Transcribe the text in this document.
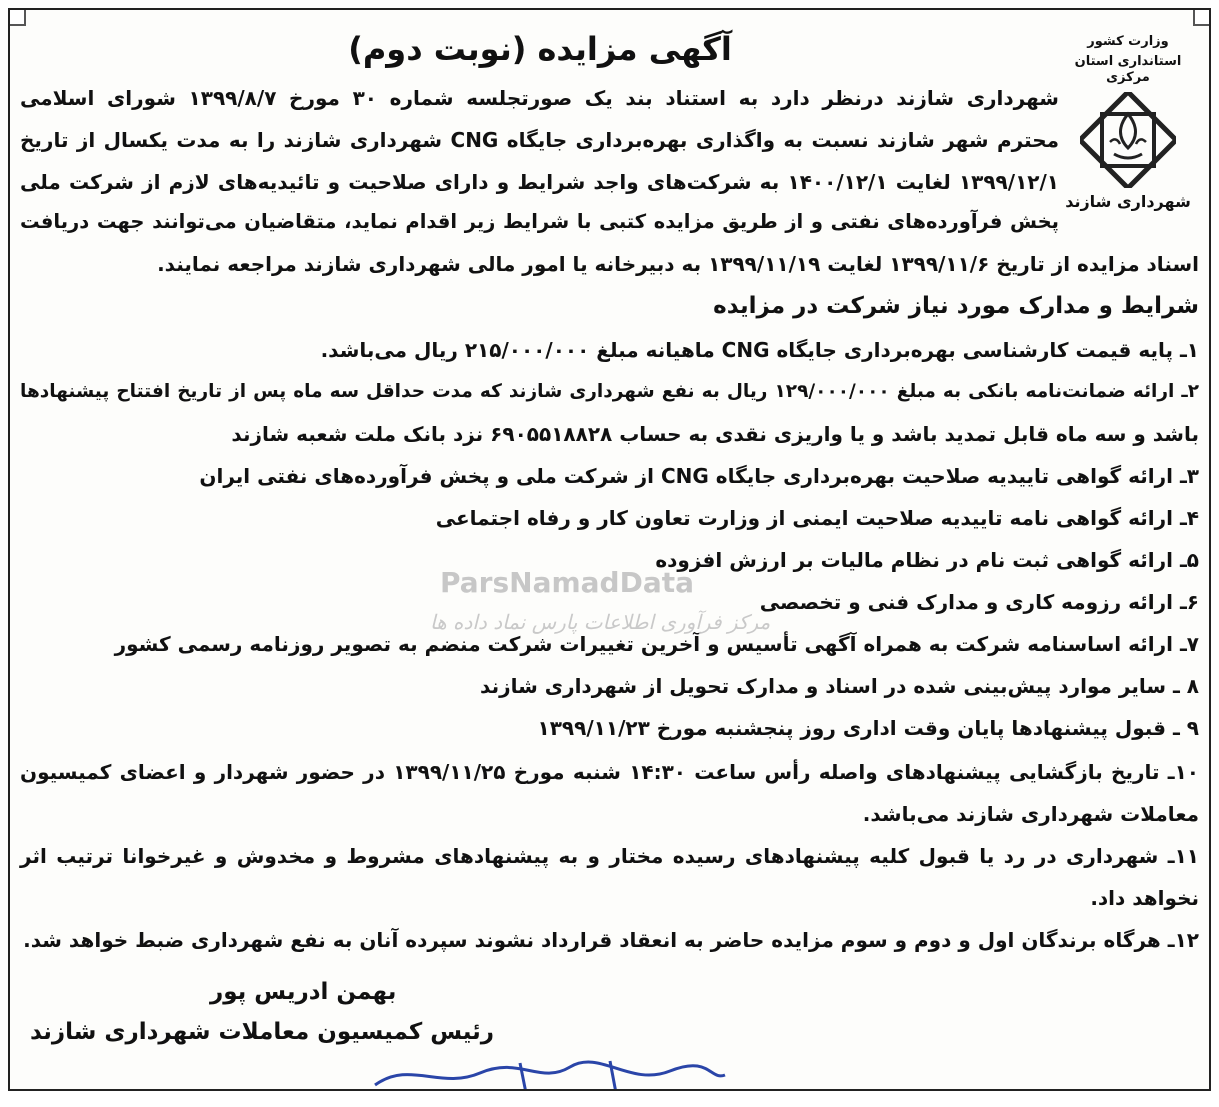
وزارت کشور
استانداری استان مرکزی
شهرداری شازند
آگهی مزایده (نوبت دوم)
شهرداری شازند درنظر دارد به استناد بند یک صورتجلسه شماره ۳۰ مورخ ۱۳۹۹/۸/۷ شورای اسلامی
محترم شهر شازند نسبت به واگذاری بهره‌برداری جایگاه CNG شهرداری شازند را به مدت یکسال از تاریخ
۱۳۹۹/۱۲/۱ لغایت ۱۴۰۰/۱۲/۱ به شرکت‌های واجد شرایط و دارای صلاحیت و تائیدیه‌های لازم از شرکت ملی
پخش فرآورده‌های نفتی و از طریق مزایده کتبی با شرایط زیر اقدام نماید، متقاضیان می‌توانند جهت دریافت
اسناد مزایده از تاریخ ۱۳۹۹/۱۱/۶ لغایت ۱۳۹۹/۱۱/۱۹ به دبیرخانه یا امور مالی شهرداری شازند مراجعه نمایند.
شرایط و مدارک مورد نیاز شرکت در مزایده
۱ـ پایه قیمت کارشناسی بهره‌برداری جایگاه CNG ماهیانه مبلغ ۲۱۵/۰۰۰/۰۰۰ ریال می‌باشد.
۲ـ ارائه ضمانت‌نامه بانکی به مبلغ ۱۲۹/۰۰۰/۰۰۰ ریال به نفع شهرداری شازند که مدت حداقل سه ماه پس از تاریخ افتتاح پیشنهادها
باشد و سه ماه قابل تمدید باشد و یا واریزی نقدی به حساب ۶۹۰۵۵۱۸۸۲۸ نزد بانک ملت شعبه شازند
۳ـ ارائه گواهی تاییدیه صلاحیت بهره‌برداری جایگاه CNG از شرکت ملی و پخش فرآورده‌های نفتی ایران
۴ـ ارائه گواهی نامه تاییدیه صلاحیت ایمنی از وزارت تعاون کار و رفاه اجتماعی
۵ـ ارائه گواهی ثبت نام در نظام مالیات بر ارزش افزوده
۶ـ ارائه رزومه کاری و مدارک فنی و تخصصی
۷ـ ارائه اساسنامه شرکت به همراه آگهی تأسیس و آخرین تغییرات شرکت منضم به تصویر روزنامه رسمی کشور
۸ ـ سایر موارد پیش‌بینی شده در اسناد و مدارک تحویل از شهرداری شازند
۹ ـ قبول پیشنهادها پایان وقت اداری روز پنجشنبه مورخ ۱۳۹۹/۱۱/۲۳
۱۰ـ تاریخ بازگشایی پیشنهادهای واصله رأس ساعت ۱۴:۳۰ شنبه مورخ ۱۳۹۹/۱۱/۲۵ در حضور شهردار و اعضای کمیسیون
معاملات شهرداری شازند می‌باشد.
۱۱ـ شهرداری در رد یا قبول کلیه پیشنهادهای رسیده مختار و به پیشنهادهای مشروط و مخدوش و غیرخوانا ترتیب اثر
نخواهد داد.
۱۲ـ هرگاه برندگان اول و دوم و سوم مزایده حاضر به انعقاد قرارداد نشوند سپرده آنان به نفع شهرداری ضبط خواهد شد.
بهمن ادریس پور
رئیس کمیسیون معاملات شهرداری شازند
ParsNamadData
مرکز فرآوری اطلاعات پارس نماد داده ها
